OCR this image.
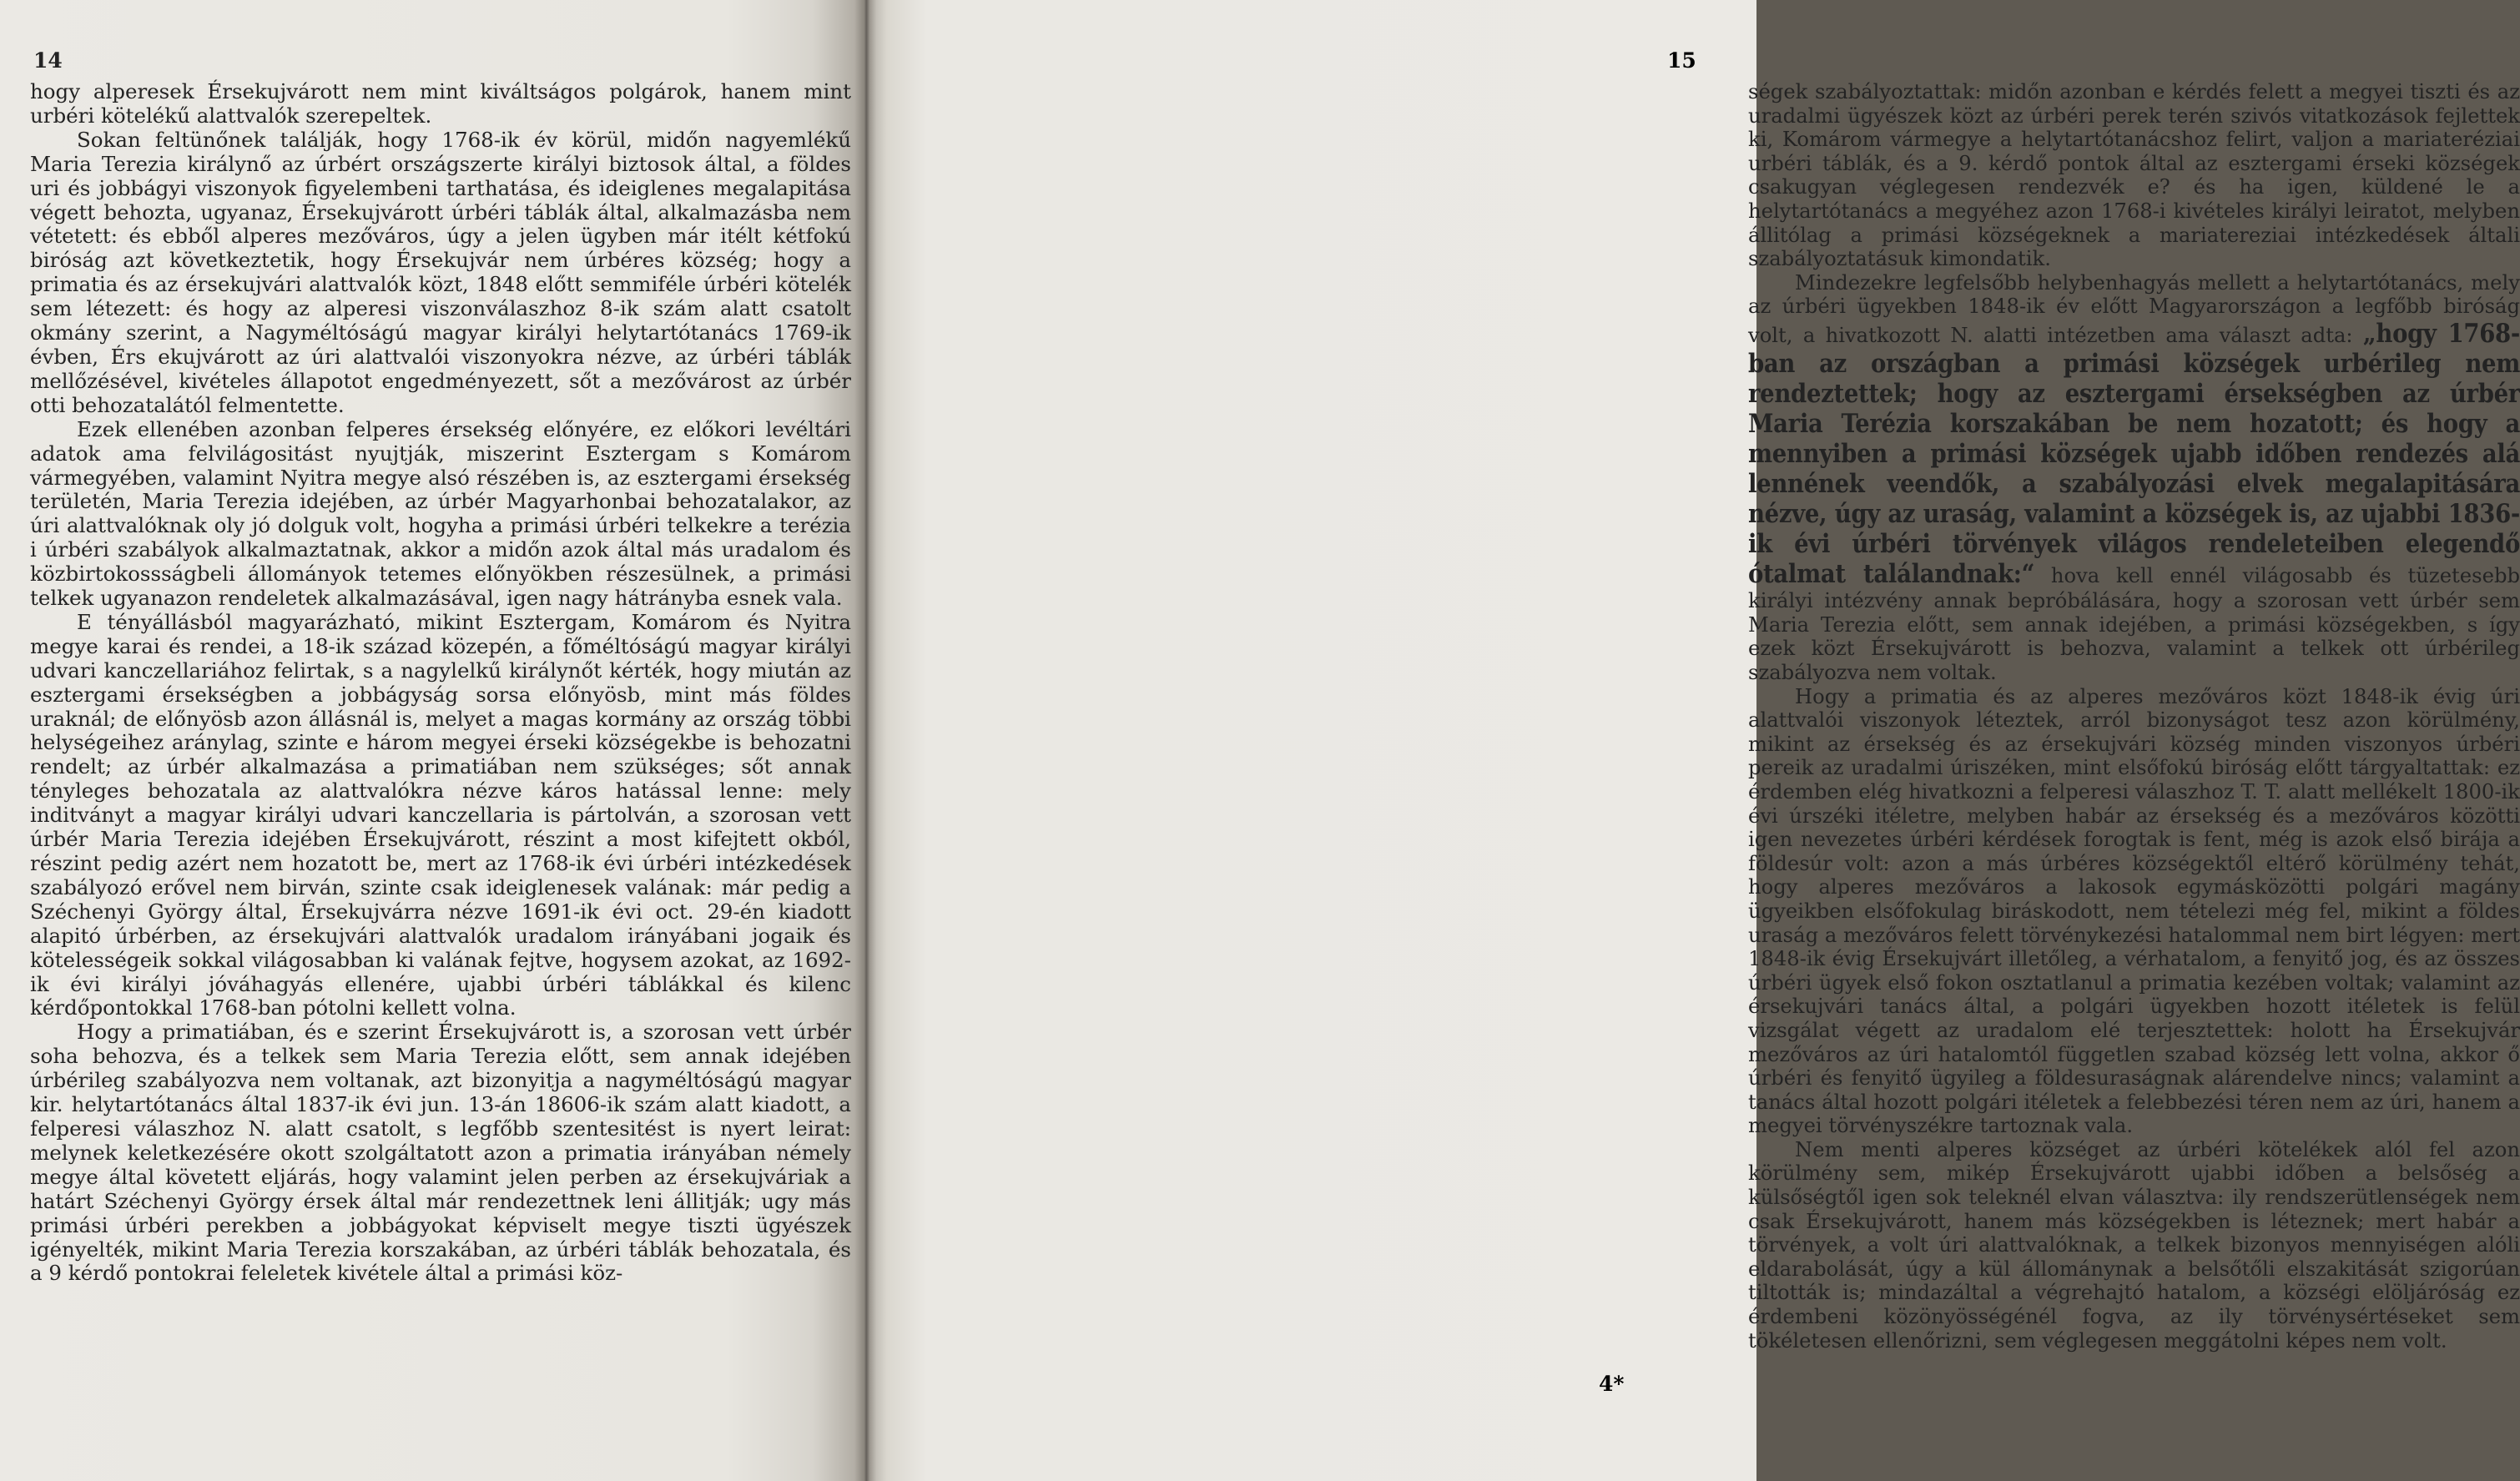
14

hogy alperesek Érsekujvárott nem mint kiváltságos polgárok, hanem mint urbéri kötelékű alattvalók szerepeltek.

Sokan feltünőnek találják, hogy 1768-ik év körül, midőn nagyemlékű Maria Terezia királynő az úrbért országszerte királyi biztosok által, a földes uri és jobbágyi viszonyok figyelembeni tarthatása, és ideiglenes megalapitása végett behozta, ugyanaz, Érsekujvárott úrbéri táblák által, alkalmazásba nem vétetett: és ebből alperes mezőváros, úgy a jelen ügyben már itélt kétfokú biróság azt következtetik, hogy Érsekujvár nem úrbéres község; hogy a primatia és az érsekujvári alattvalók közt, 1848 előtt semmiféle úrbéri kötelék sem létezett: és hogy az alperesi viszonválaszhoz 8-ik szám alatt csatolt okmány szerint, a Nagyméltóságú magyar királyi helytartótanács 1769-ik évben, Érs ekujvárott az úri alattvalói viszonyokra nézve, az úrbéri táblák mellőzésével, kivételes állapotot engedményezett, sőt a mezővárost az úrbér otti behozatalától felmentette.

Ezek ellenében azonban felperes érsekség előnyére, ez előkori levéltári adatok ama felvilágositást nyujtják, miszerint Esztergam s Komárom vármegyében, valamint Nyitra megye alsó részében is, az esztergami érsekség területén, Maria Terezia idejében, az úrbér Magyarhonbai behozatalakor, az úri alattvalóknak oly jó dolguk volt, hogyha a primási úrbéri telkekre a terézia i úrbéri szabályok alkalmaztatnak, akkor a midőn azok által más uradalom és közbirtokossságbeli állományok tetemes előnyökben részesülnek, a primási telkek ugyanazon rendeletek alkalmazásával, igen nagy hátrányba esnek vala.

E tényállásból magyarázható, mikint Esztergam, Komárom és Nyitra megye karai és rendei, a 18-ik század közepén, a főméltóságú magyar királyi udvari kanczellariához felirtak, s a nagylelkű királynőt kérték, hogy miután az esztergami érsekségben a jobbágyság sorsa előnyösb, mint más földes uraknál; de előnyösb azon állásnál is, melyet a magas kormány az ország többi helységeihez aránylag, szinte e három megyei érseki községekbe is behozatni rendelt; az úrbér alkalmazása a primatiában nem szükséges; sőt annak tényleges behozatala az alattvalókra nézve káros hatással lenne: mely inditványt a magyar királyi udvari kanczellaria is pártolván, a szorosan vett úrbér Maria Terezia idejében Érsekujvárott, részint a most kifejtett okból, részint pedig azért nem hozatott be, mert az 1768-ik évi úrbéri intézkedések szabályozó erővel nem birván, szinte csak ideiglenesek valának: már pedig a Széchenyi György által, Érsekujvárra nézve 1691-ik évi oct. 29-én kiadott alapitó úrbérben, az érsekujvári alattvalók uradalom irányábani jogaik és kötelességeik sokkal világosabban ki valának fejtve, hogysem azokat, az 1692-ik évi királyi jóváhagyás ellenére, ujabbi úrbéri táblákkal és kilenc kérdőpontokkal 1768-ban pótolni kellett volna.

Hogy a primatiában, és e szerint Érsekujvárott is, a szorosan vett úrbér soha behozva, és a telkek sem Maria Terezia előtt, sem annak idejében úrbérileg szabályozva nem voltanak, azt bizonyitja a nagyméltóságú magyar kir. helytartótanács által 1837-ik évi jun. 13-án 18606-ik szám alatt kiadott, a felperesi válaszhoz N. alatt csatolt, s legfőbb szentesitést is nyert leirat: melynek keletkezésére okott szolgáltatott azon a primatia irányában némely megye által követett eljárás, hogy valamint jelen perben az érsekujváriak a határt Széchenyi György érsek által már rendezettnek leni állitják; ugy más primási úrbéri perekben a jobbágyokat képviselt megye tiszti ügyészek igényelték, mikint Maria Terezia korszakában, az úrbéri táblák behozatala, és a 9 kérdő pontokrai feleletek kivétele által a primási köz-

ségek szabályoztattak: midőn azonban e kérdés felett a megyei tiszti és az uradalmi ügyészek közt az úrbéri perek terén szivós vitatkozások fejlettek ki, Komárom vármegye a helytartótanácshoz felirt, valjon a mariateréziai urbéri táblák, és a 9. kérdő pontok által az esztergami érseki községek csakugyan véglegesen rendezvék e? és ha igen, küldené le a helytartótanács a megyéhez azon 1768-i kivételes királyi leiratot, melyben állitólag a primási községeknek a mariatereziai intézkedések általi szabályoztatásuk kimondatik.

Mindezekre legfelsőbb helybenhagyás mellett a helytartótanács, mely az úrbéri ügyekben 1848-ik év előtt Magyarországon a legfőbb biróság volt, a hivatkozott N. alatti intézetben ama választ adta: „hogy 1768-ban az országban a primási községek urbérileg nem rendeztettek; hogy az esztergami érsekségben az úrbér Maria Terézia korszakában be nem hozatott; és hogy a mennyiben a primási községek ujabb időben rendezés alá lennének veendők, a szabályozási elvek megalapitására nézve, úgy az uraság, valamint a községek is, az ujabbi 1836-ik évi úrbéri törvények világos rendeleteiben elegendő ótalmat találandnak:“ hova kell ennél világosabb és tüzetesebb királyi intézvény annak bepróbálására, hogy a szorosan vett úrbér sem Maria Terezia előtt, sem annak idejében, a primási községekben, s így ezek közt Érsekujvárott is behozva, valamint a telkek ott úrbérileg szabályozva nem voltak.

Hogy a primatia és az alperes mezőváros közt 1848-ik évig úri alattvalói viszonyok léteztek, arról bizonyságot tesz azon körülmény, mikint az érsekség és az érsekujvári község minden viszonyos úrbéri pereik az uradalmi úriszéken, mint elsőfokú biróság előtt tárgyaltattak: ez érdemben elég hivatkozni a felperesi válaszhoz T. T. alatt mellékelt 1800-ik évi úrszéki itéletre, melyben habár az érsekség és a mezőváros közötti igen nevezetes úrbéri kérdések forogtak is fent, még is azok első birája a földesúr volt: azon a más úrbéres községektől eltérő körülmény tehát, hogy alperes mezőváros a lakosok egymásközötti polgári magány ügyeikben elsőfokulag biráskodott, nem tételezi még fel, mikint a földes uraság a mezőváros felett törvénykezési hatalommal nem birt légyen: mert 1848-ik évig Érsekujvárt illetőleg, a vérhatalom, a fenyitő jog, és az összes úrbéri ügyek első fokon osztatlanul a primatia kezében voltak; valamint az érsekujvári tanács által, a polgári ügyekben hozott itéletek is felül vizsgálat végett az uradalom elé terjesztettek: holott ha Érsekujvár mezőváros az úri hatalomtól független szabad község lett volna, akkor ő úrbéri és fenyitő ügyileg a földesuraságnak alárendelve nincs; valamint a tanács által hozott polgári itéletek a felebbezési téren nem az úri, hanem a megyei törvényszékre tartoznak vala.

Nem menti alperes községet az úrbéri kötelékek alól fel azon körülmény sem, mikép Érsekujvárott ujabbi időben a belsőség a külsőségtől igen sok teleknél elvan választva: ily rendszerütlenségek nem csak Érsekujvárott, hanem más községekben is léteznek; mert habár a törvények, a volt úri alattvalóknak, a telkek bizonyos mennyiségen alóli eldarabolását, úgy a kül állománynak a belsőtőli elszakitását szigorúan tiltották is; mindazáltal a végrehajtó hatalom, a községi elöljáróság ez érdembeni közönyösségénél fogva, az ily törvénysértéseket sem tökéletesen ellenőrizni, sem véglegesen meggátolni képes nem volt.

15
4*
